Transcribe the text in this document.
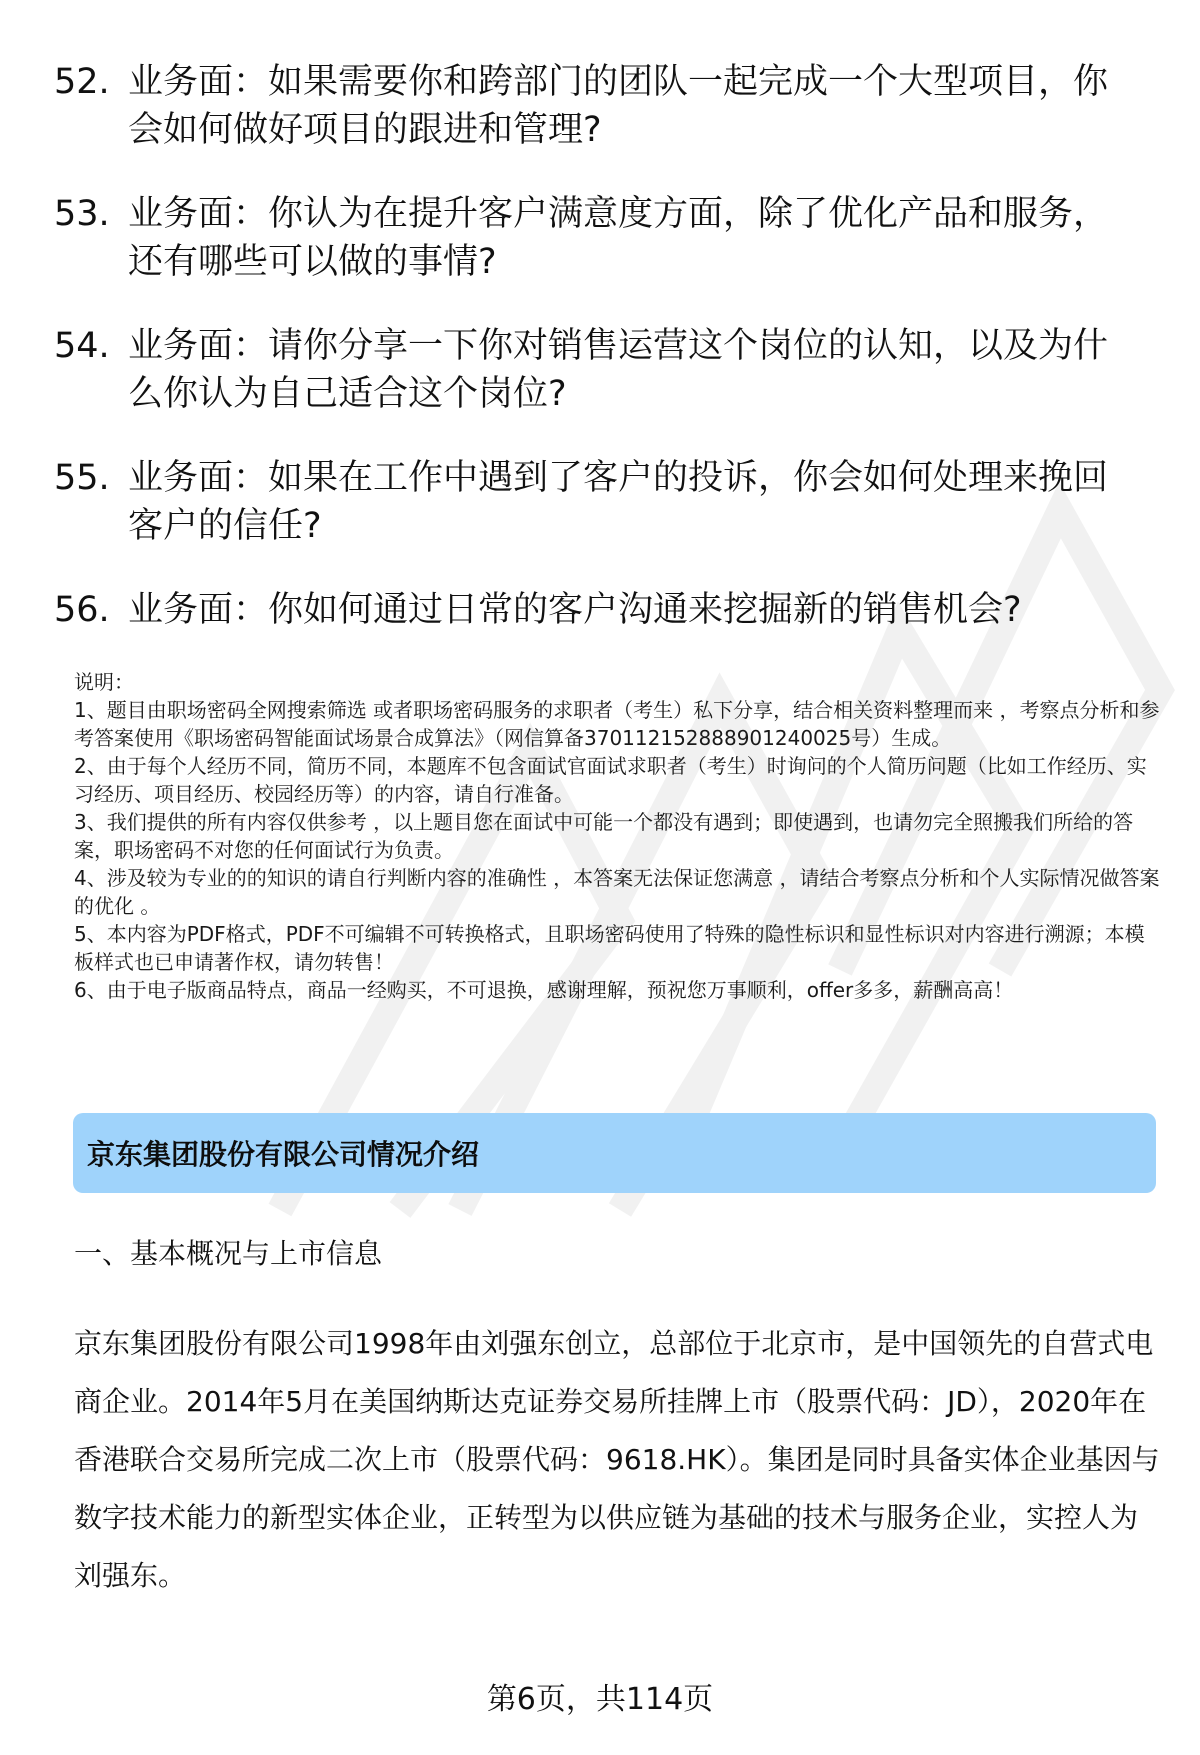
52. 业务面：如果需要你和跨部门的团队一起完成一个大型项目，你会如何做好项目的跟进和管理?
53. 业务面：你认为在提升客户满意度方面，除了优化产品和服务，还有哪些可以做的事情?
54. 业务面：请你分享一下你对销售运营这个岗位的认知，以及为什么你认为自己适合这个岗位?
55. 业务面：如果在工作中遇到了客户的投诉，你会如何处理来挽回客户的信任?
56. 业务面：你如何通过日常的客户沟通来挖掘新的销售机会?
说明：
1、题目由职场密码全网搜索筛选 或者职场密码服务的求职者（考生）私下分享，结合相关资料整理而来 ，考察点分析和参考答案使用《职场密码智能面试场景合成算法》（网信算备370112152888901240025号）生成。
2、由于每个人经历不同，简历不同，本题库不包含面试官面试求职者（考生）时询问的个人简历问题（比如工作经历、实习经历、项目经历、校园经历等）的内容，请自行准备。
3、我们提供的所有内容仅供参考 ，以上题目您在面试中可能一个都没有遇到；即使遇到，也请勿完全照搬我们所给的答案，职场密码不对您的任何面试行为负责。
4、涉及较为专业的的知识的请自行判断内容的准确性 ，本答案无法保证您满意 ，请结合考察点分析和个人实际情况做答案的优化 。
5、本内容为PDF格式，PDF不可编辑不可转换格式，且职场密码使用了特殊的隐性标识和显性标识对内容进行溯源；本模板样式也已申请著作权，请勿转售！
6、由于电子版商品特点，商品一经购买，不可退换，感谢理解，预祝您万事顺利，offer多多，薪酬高高！
京东集团股份有限公司情况介绍
一、基本概况与上市信息
京东集团股份有限公司1998年由刘强东创立，总部位于北京市，是中国领先的自营式电商企业。2014年5月在美国纳斯达克证券交易所挂牌上市（股票代码：JD），2020年在香港联合交易所完成二次上市（股票代码：9618.HK）。集团是同时具备实体企业基因与数字技术能力的新型实体企业，正转型为以供应链为基础的技术与服务企业，实控人为刘强东。
第6页，共114页
